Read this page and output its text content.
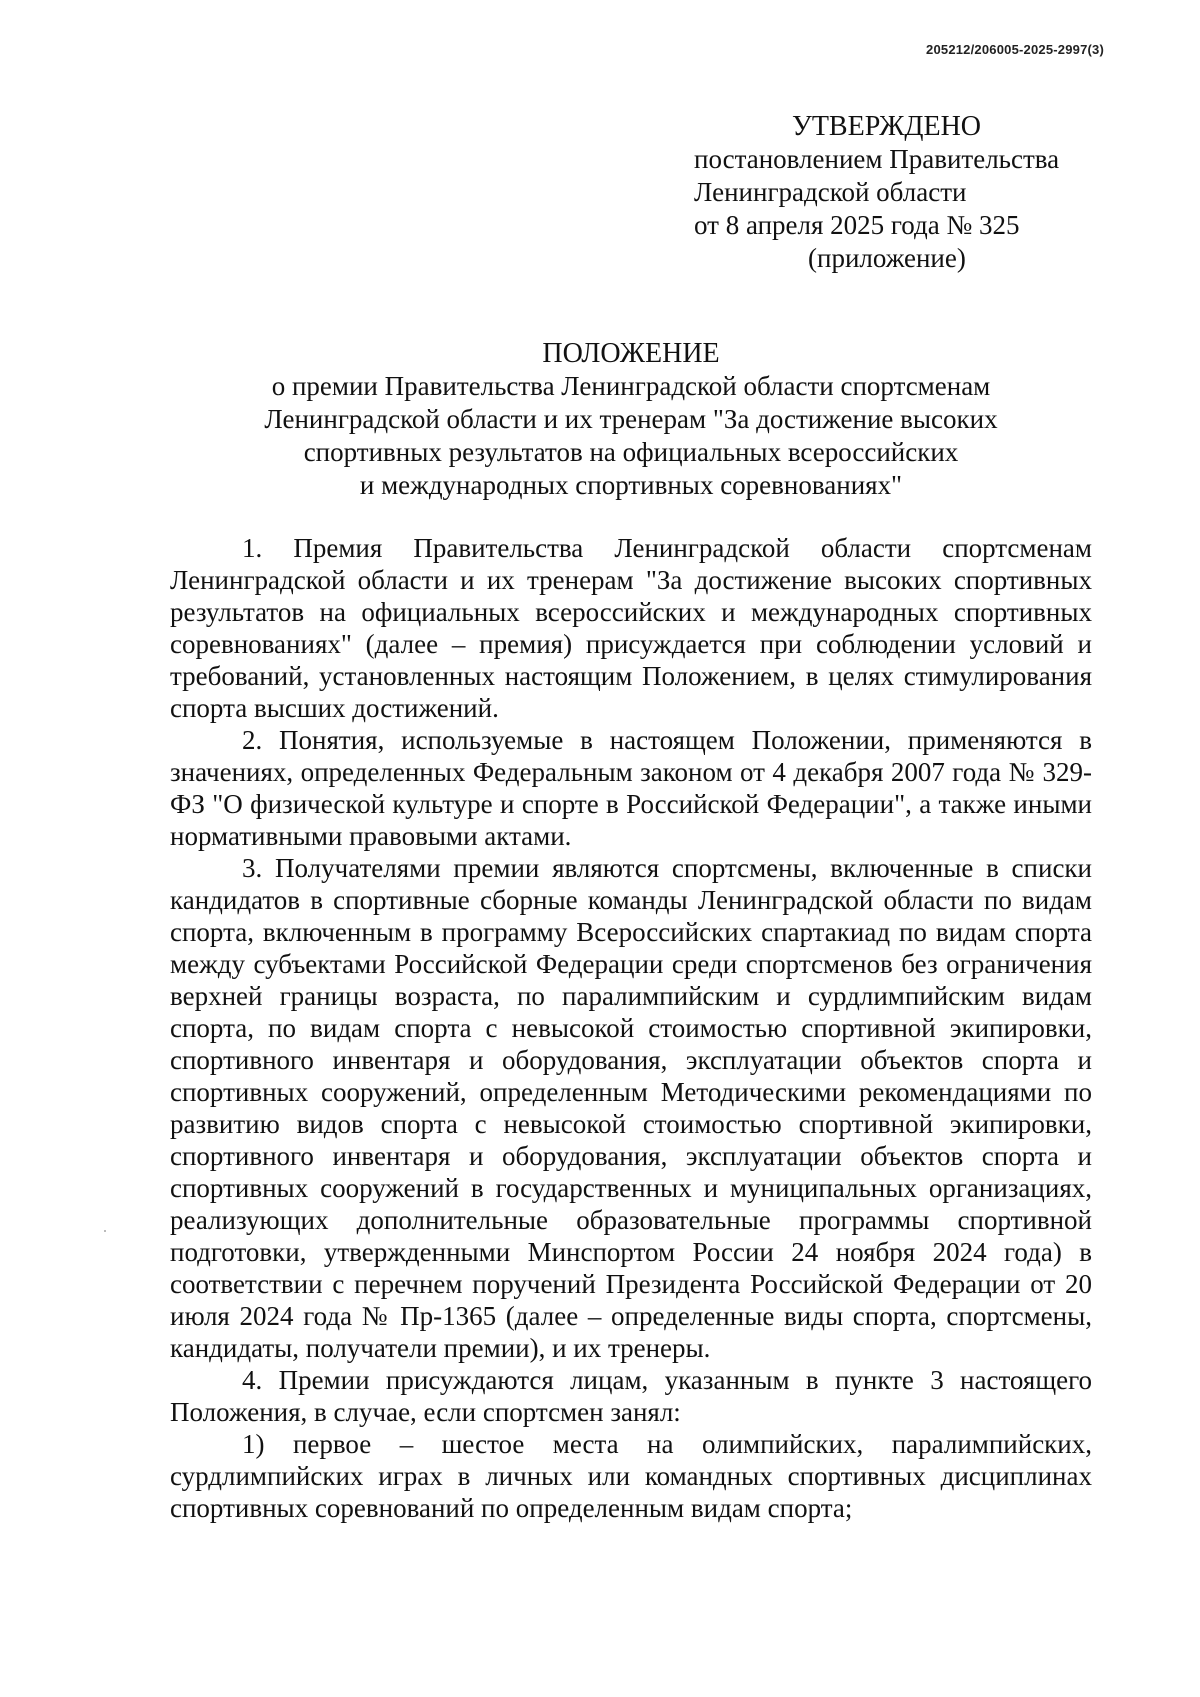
205212/206005-2025-2997(3)
УТВЕРЖДЕНО
постановлением Правительства
Ленинградской области
от 8 апреля 2025 года № 325
(приложение)
ПОЛОЖЕНИЕ
о премии Правительства Ленинградской области спортсменам
Ленинградской области и их тренерам "За достижение высоких
спортивных результатов на официальных всероссийских
и международных спортивных соревнованиях"

1. Премия Правительства Ленинградской области спортсменам Ленинградской области и их тренерам "За достижение высоких спортивных результатов на официальных всероссийских и международных спортивных соревнованиях" (далее – премия) присуждается при соблюдении условий и требований, установленных настоящим Положением, в целях стимулирования спорта высших достижений.

2. Понятия, используемые в настоящем Положении, применяются в значениях, определенных Федеральным законом от 4 декабря 2007 года № 329-ФЗ "О физической культуре и спорте в Российской Федерации", а также иными нормативными правовыми актами.

3. Получателями премии являются спортсмены, включенные в списки кандидатов в спортивные сборные команды Ленинградской области по видам спорта, включенным в программу Всероссийских спартакиад по видам спорта между субъектами Российской Федерации среди спортсменов без ограничения верхней границы возраста, по паралимпийским и сурдлимпийским видам спорта, по видам спорта с невысокой стоимостью спортивной экипировки, спортивного инвентаря и оборудования, эксплуатации объектов спорта и спортивных сооружений, определенным Методическими рекомендациями по развитию видов спорта с невысокой стоимостью спортивной экипировки, спортивного инвентаря и оборудования, эксплуатации объектов спорта и спортивных сооружений в государственных и муниципальных организациях, реализующих дополнительные образовательные программы спортивной подготовки, утвержденными Минспортом России 24 ноября 2024 года) в соответствии с перечнем поручений Президента Российской Федерации от 20 июля 2024 года № Пр-1365 (далее – определенные виды спорта, спортсмены, кандидаты, получатели премии), и их тренеры.

4. Премии присуждаются лицам, указанным в пункте 3 настоящего Положения, в случае, если спортсмен занял:

1) первое – шестое места на олимпийских, паралимпийских, сурдлимпийских играх в личных или командных спортивных дисциплинах спортивных соревнований по определенным видам спорта;
